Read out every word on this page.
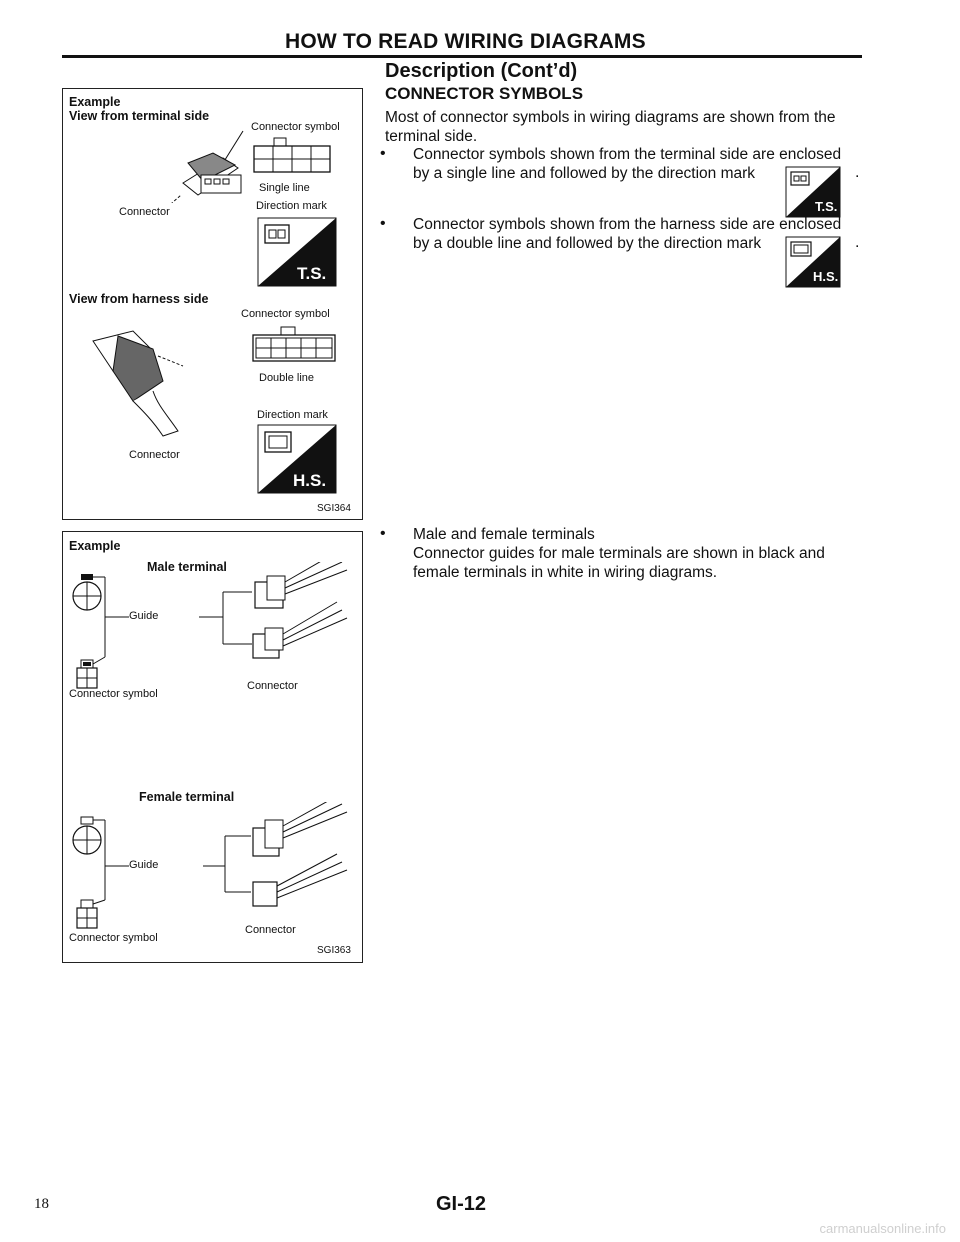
HOW TO READ WIRING DIAGRAMS
Description (Cont’d)
CONNECTOR SYMBOLS
Most of connector symbols in wiring diagrams are shown from the
terminal side.
• Connector symbols shown from the terminal side are enclosed
by a single line and followed by the direction mark
T.S.
.
• Connector symbols shown from the harness side are enclosed
by a double line and followed by the direction mark
H.S.
.
• Male and female terminals
Connector guides for male terminals are shown in black and
female terminals in white in wiring diagrams.
Example
View from terminal side
Connector symbol
Single line
Connector	Direction mark
T.S.
View from harness side
Connector symbol
Double line
Direction mark
H.S.
Connector
SGI364
Example
Male terminal
Guide
Connector
Connector symbol
Female terminal
Guide
Connector
Connector symbol
SGI363
18	GI-12
carmanualsonline.info
